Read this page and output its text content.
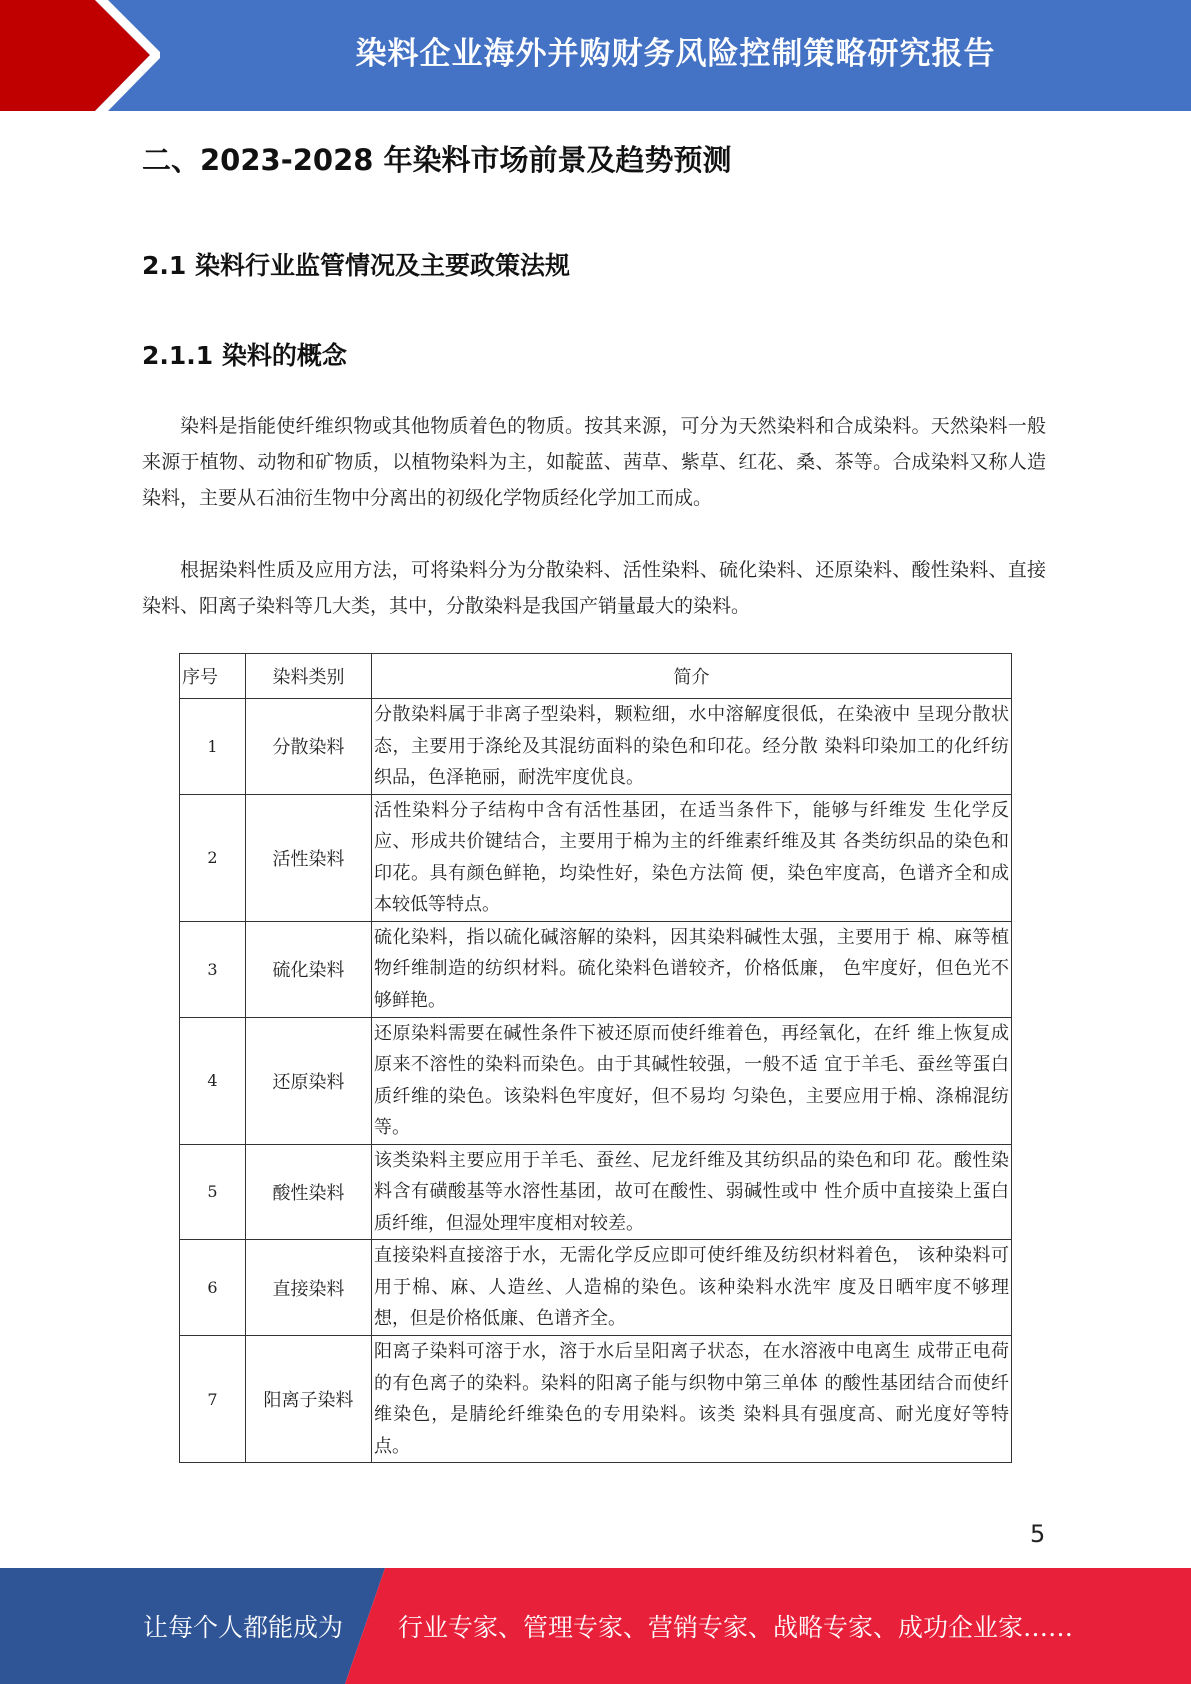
染料企业海外并购财务风险控制策略研究报告
二、2023-2028 年染料市场前景及趋势预测
2.1 染料行业监管情况及主要政策法规
2.1.1 染料的概念

染料是指能使纤维织物或其他物质着色的物质。按其来源，可分为天然染料和合成染料。天然染料一般来源于植物、动物和矿物质，以植物染料为主，如靛蓝、茜草、紫草、红花、桑、茶等。合成染料又称人造染料，主要从石油衍生物中分离出的初级化学物质经化学加工而成。

根据染料性质及应用方法，可将染料分为分散染料、活性染料、硫化染料、还原染料、酸性染料、直接染料、阳离子染料等几大类，其中，分散染料是我国产销量最大的染料。

序号	染料类别	简介
1	分散染料	分散染料属于非离子型染料，颗粒细，水中溶解度很低，在染液中 呈现分散状态，主要用于涤纶及其混纺面料的染色和印花。经分散 染料印染加工的化纤纺织品，色泽艳丽，耐洗牢度优良。
2	活性染料	活性染料分子结构中含有活性基团，在适当条件下，能够与纤维发 生化学反应、形成共价键结合，主要用于棉为主的纤维素纤维及其 各类纺织品的染色和印花。具有颜色鲜艳，均染性好，染色方法简 便，染色牢度高，色谱齐全和成本较低等特点。
3	硫化染料	硫化染料，指以硫化碱溶解的染料，因其染料碱性太强，主要用于 棉、麻等植物纤维制造的纺织材料。硫化染料色谱较齐，价格低廉， 色牢度好，但色光不够鲜艳。
4	还原染料	还原染料需要在碱性条件下被还原而使纤维着色，再经氧化，在纤 维上恢复成原来不溶性的染料而染色。由于其碱性较强，一般不适 宜于羊毛、蚕丝等蛋白质纤维的染色。该染料色牢度好，但不易均 匀染色，主要应用于棉、涤棉混纺等。
5	酸性染料	该类染料主要应用于羊毛、蚕丝、尼龙纤维及其纺织品的染色和印 花。酸性染料含有磺酸基等水溶性基团，故可在酸性、弱碱性或中 性介质中直接染上蛋白质纤维，但湿处理牢度相对较差。
6	直接染料	直接染料直接溶于水，无需化学反应即可使纤维及纺织材料着色， 该种染料可用于棉、麻、人造丝、人造棉的染色。该种染料水洗牢 度及日晒牢度不够理想，但是价格低廉、色谱齐全。
7	阳离子染料	阳离子染料可溶于水，溶于水后呈阳离子状态，在水溶液中电离生 成带正电荷的有色离子的染料。染料的阳离子能与织物中第三单体 的酸性基团结合而使纤维染色，是腈纶纤维染色的专用染料。该类 染料具有强度高、耐光度好等特点。
5
让每个人都能成为 行业专家、管理专家、营销专家、战略专家、成功企业家……
